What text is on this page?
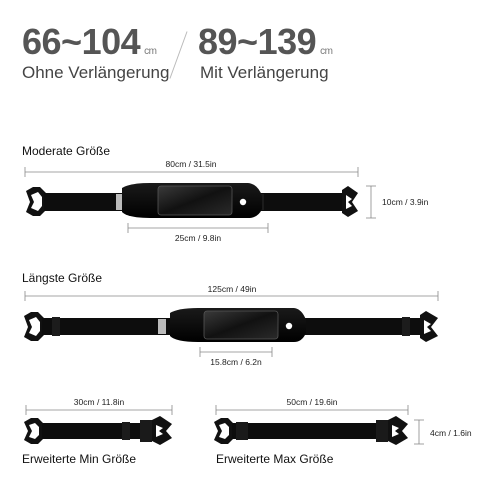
66~104 cm
Ohne Verlängerung
89~139 cm
Mit Verlängerung
Moderate Größe
80cm / 31.5in
25cm / 9.8in
10cm / 3.9in
Längste Größe
125cm / 49in
15.8cm / 6.2n
30cm / 11.8in
Erweiterte Min Größe
50cm / 19.6in
4cm / 1.6in
Erweiterte Max Größe
